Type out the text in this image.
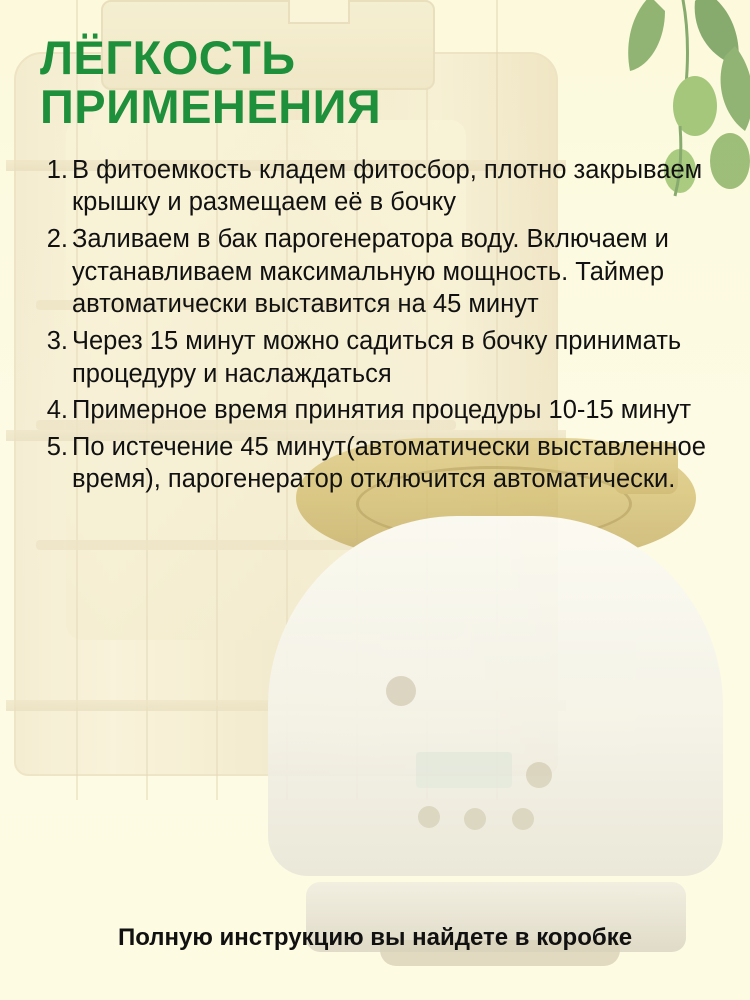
ЛЁГКОСТЬ
ПРИМЕНЕНИЯ
В фитоемкость кладем фитосбор, плотно закрываем крышку и размещаем её в бочку
Заливаем в бак парогенератора воду. Включаем и устанавливаем максимальную мощность. Таймер автоматически выставится на 45 минут
Через 15 минут можно садиться в бочку принимать процедуру и наслаждаться
Примерное время принятия процедуры 10-15 минут
По истечение 45 минут(автоматически выставленное время), парогенератор отключится автоматически.
Полную инструкцию вы найдете в коробке
